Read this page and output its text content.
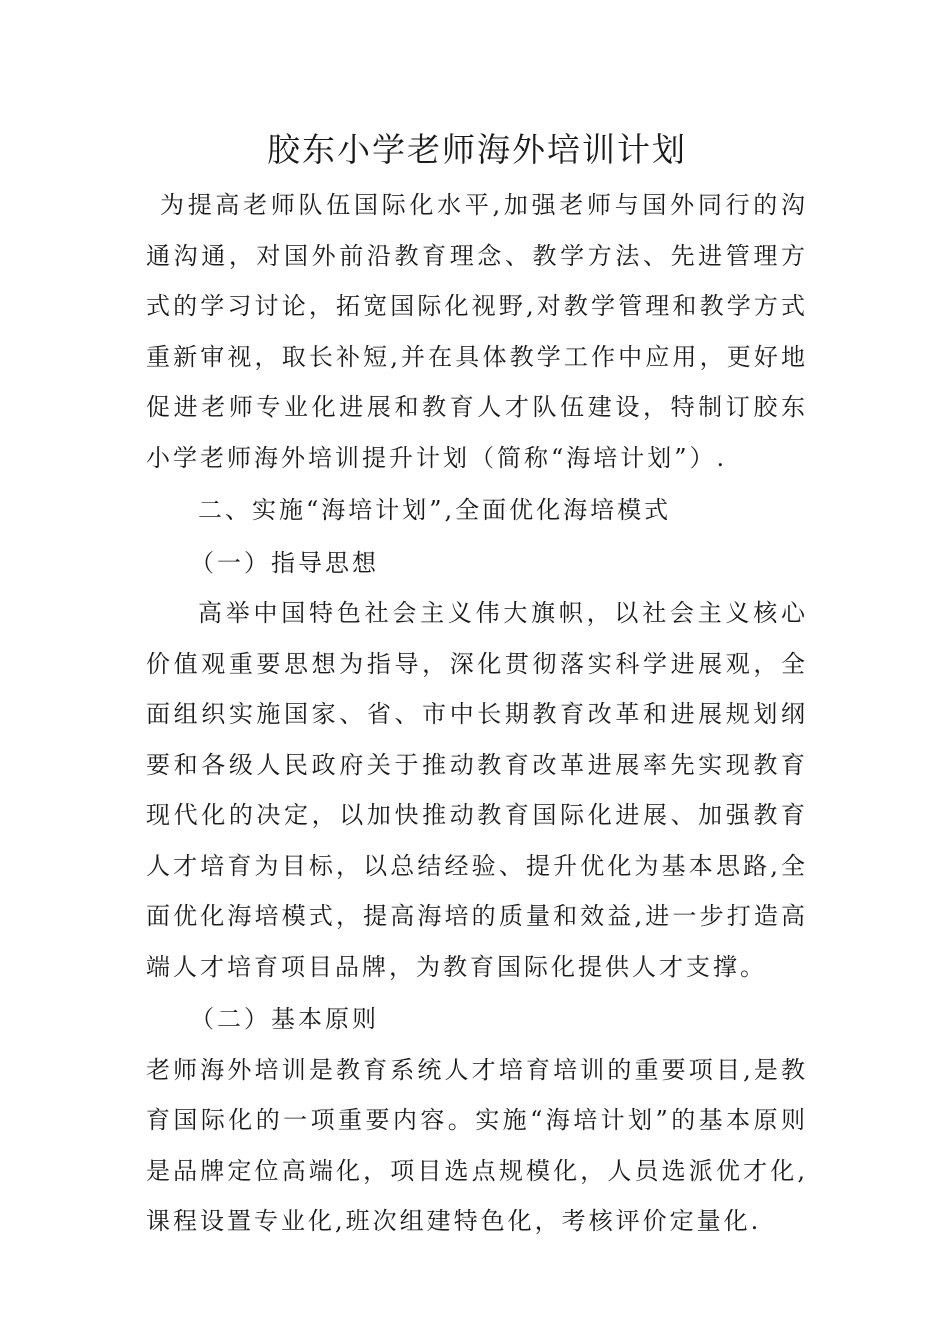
胶东小学老师海外培训计划

为提高老师队伍国际化水平,加强老师与国外同行的沟通沟通，对国外前沿教育理念、教学方法、先进管理方式的学习讨论，拓宽国际化视野,对教学管理和教学方式重新审视，取长补短,并在具体教学工作中应用，更好地促进老师专业化进展和教育人才队伍建设，特制订胶东小学老师海外培训提升计划（简称“海培计划”）.

二、实施“海培计划”,全面优化海培模式

（一）指导思想

高举中国特色社会主义伟大旗帜，以社会主义核心价值观重要思想为指导，深化贯彻落实科学进展观，全面组织实施国家、省、市中长期教育改革和进展规划纲要和各级人民政府关于推动教育改革进展率先实现教育现代化的决定，以加快推动教育国际化进展、加强教育人才培育为目标，以总结经验、提升优化为基本思路,全面优化海培模式，提高海培的质量和效益,进一步打造高端人才培育项目品牌，为教育国际化提供人才支撑。

（二）基本原则

老师海外培训是教育系统人才培育培训的重要项目,是教育国际化的一项重要内容。实施“海培计划”的基本原则是品牌定位高端化，项目选点规模化，人员选派优才化,课程设置专业化,班次组建特色化，考核评价定量化.
